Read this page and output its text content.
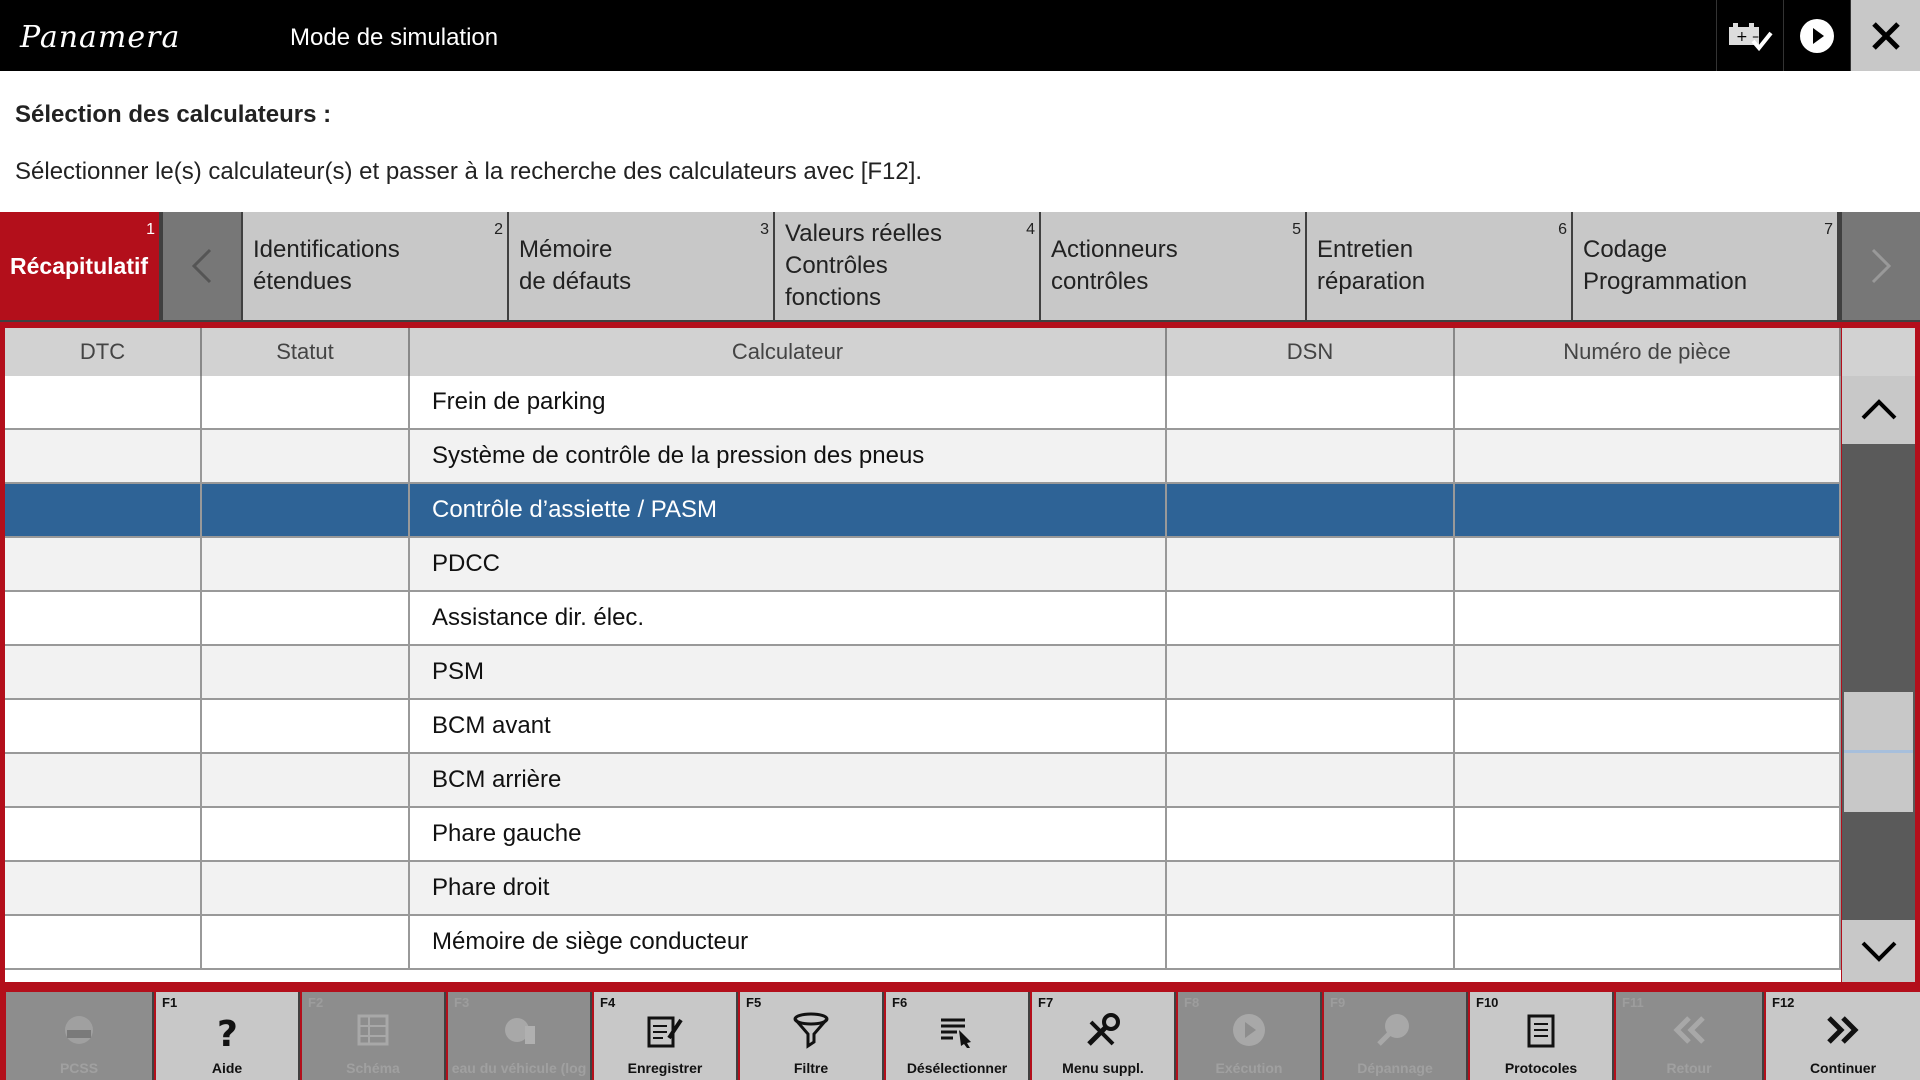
Panamera	Mode de simulation	+ –
Sélection des calculateurs :
Sélectionner le(s) calculateur(s) et passer à la recherche des calculateurs avec [F12].
1
Récapitulatif
2
Identifications
étendues
3
Mémoire
de défauts
4
Valeurs réelles
Contrôles
fonctions
5
Actionneurs
contrôles
6
Entretien
réparation
7
Codage
Programmation
DTC	Statut	Calculateur	DSN	Numéro de pièce
Frein de parking
Système de contrôle de la pression des pneus
Contrôle d’assiette / PASM
PDCC
Assistance dir. élec.
PSM
BCM avant
BCM arrière
Phare gauche
Phare droit
Mémoire de siège conducteur
PCSS
F1
?
Aide
F2
Schéma
F3
eau du véhicule (log
F4
Enregistrer
F5
Filtre
F6
Désélectionner
F7
Menu suppl.
F8
Exécution
F9
Dépannage
F10
Protocoles
F11
Retour
F12
Continuer
